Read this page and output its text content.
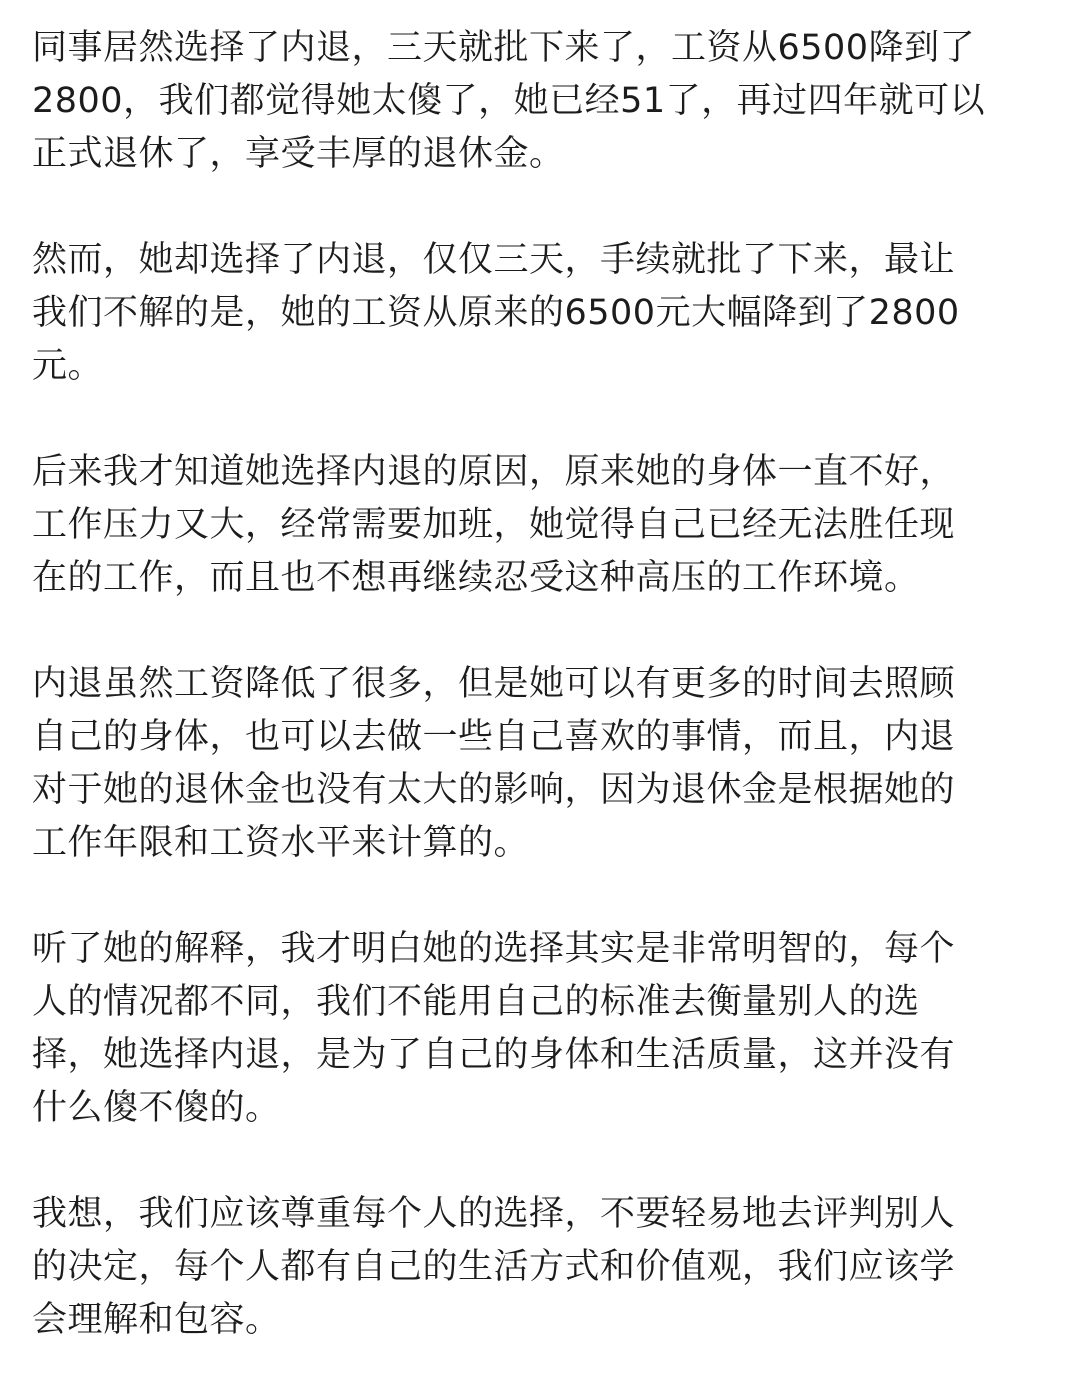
同事居然选择了内退，三天就批下来了，工资从6500降到了
2800，我们都觉得她太傻了，她已经51了，再过四年就可以
正式退休了，享受丰厚的退休金。

然而，她却选择了内退，仅仅三天，手续就批了下来，最让
我们不解的是，她的工资从原来的6500元大幅降到了2800
元。

后来我才知道她选择内退的原因，原来她的身体一直不好，
工作压力又大，经常需要加班，她觉得自己已经无法胜任现
在的工作，而且也不想再继续忍受这种高压的工作环境。

内退虽然工资降低了很多，但是她可以有更多的时间去照顾
自己的身体，也可以去做一些自己喜欢的事情，而且，内退
对于她的退休金也没有太大的影响，因为退休金是根据她的
工作年限和工资水平来计算的。

听了她的解释，我才明白她的选择其实是非常明智的，每个
人的情况都不同，我们不能用自己的标准去衡量别人的选
择，她选择内退，是为了自己的身体和生活质量，这并没有
什么傻不傻的。

我想，我们应该尊重每个人的选择，不要轻易地去评判别人
的决定，每个人都有自己的生活方式和价值观，我们应该学
会理解和包容。
